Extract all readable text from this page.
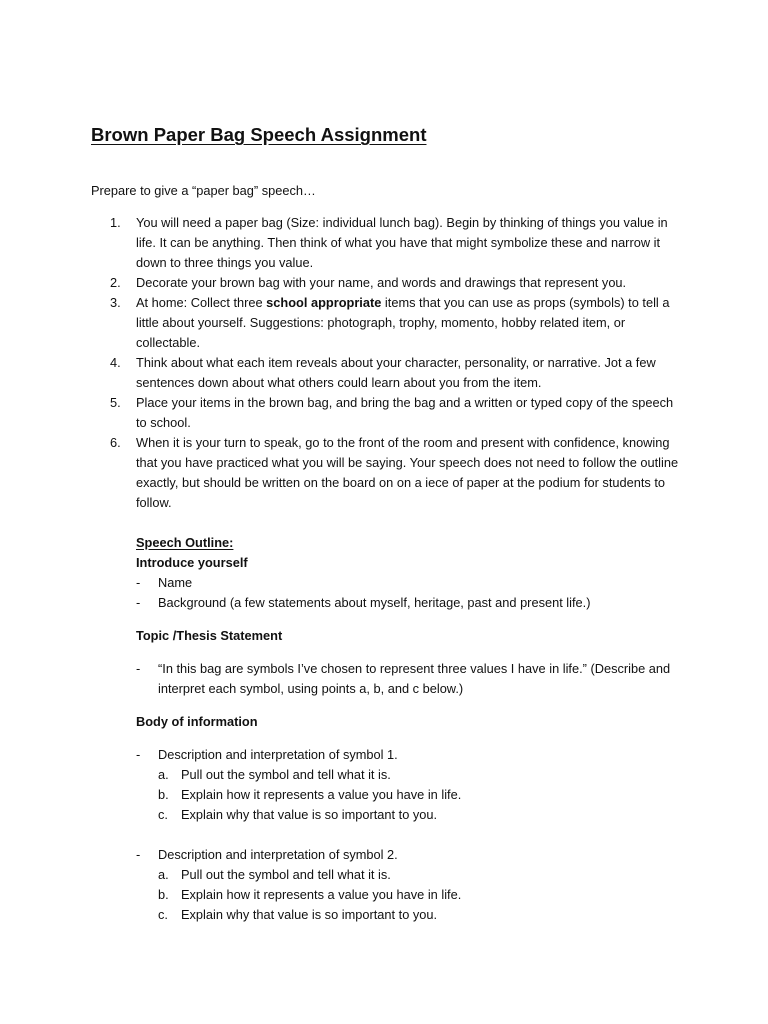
Brown Paper Bag Speech Assignment
Prepare to give a “paper bag” speech…
1. You will need a paper bag (Size: individual lunch bag). Begin by thinking of things you value in life. It can be anything. Then think of what you have that might symbolize these and narrow it down to three things you value.
2. Decorate your brown bag with your name, and words and drawings that represent you.
3. At home: Collect three school appropriate items that you can use as props (symbols) to tell a little about yourself. Suggestions: photograph, trophy, momento, hobby related item, or collectable.
4. Think about what each item reveals about your character, personality, or narrative. Jot a few sentences down about what others could learn about you from the item.
5. Place your items in the brown bag, and bring the bag and a written or typed copy of the speech to school.
6. When it is your turn to speak, go to the front of the room and present with confidence, knowing that you have practiced what you will be saying. Your speech does not need to follow the outline exactly, but should be written on the board on on a iece of paper at the podium for students to follow.
Speech Outline:
Introduce yourself
- Name
- Background (a few statements about myself, heritage, past and present life.)
Topic /Thesis Statement
- “In this bag are symbols I’ve chosen to represent three values I have in life.” (Describe and interpret each symbol, using points a, b, and c below.)
Body of information
- Description and interpretation of symbol 1.
a. Pull out the symbol and tell what it is.
b. Explain how it represents a value you have in life.
c. Explain why that value is so important to you.
- Description and interpretation of symbol 2.
a. Pull out the symbol and tell what it is.
b. Explain how it represents a value you have in life.
c. Explain why that value is so important to you.
